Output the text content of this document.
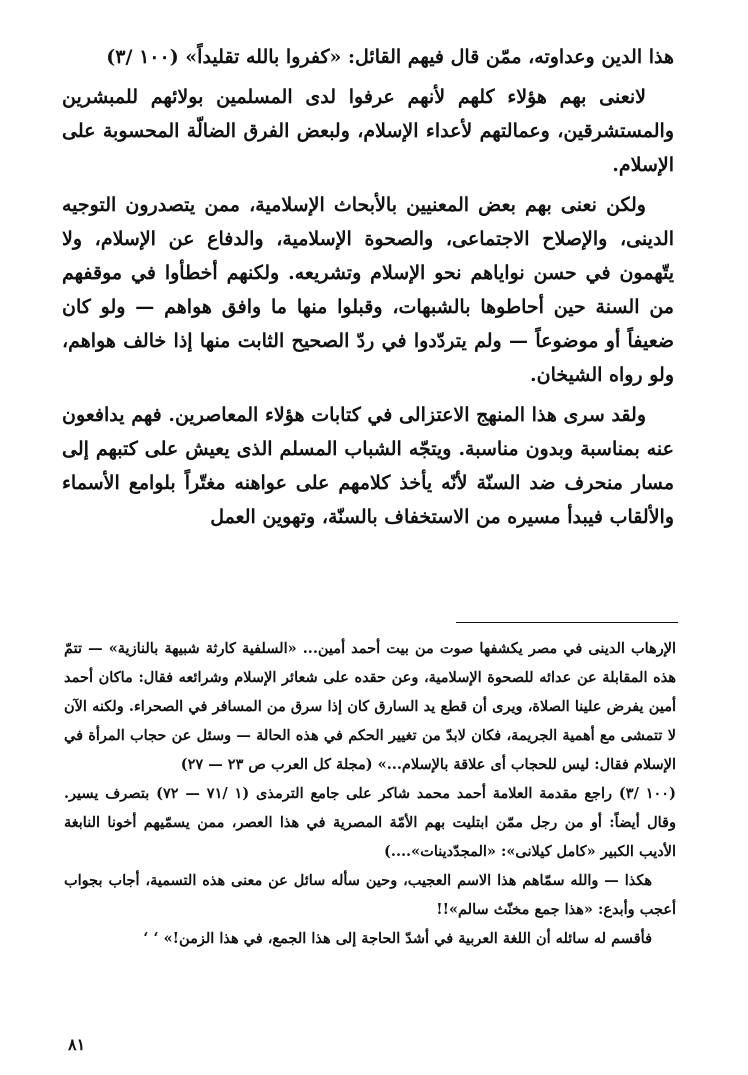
هذا الدين وعداوته، ممّن قال فيهم القائل: «كفروا بالله تقليداً» (١٠٠ /٣)

لانعنى بهم هؤلاء كلهم لأنهم عرفوا لدى المسلمين بولائهم للمبشرين والمستشرقين، وعمالتهم لأعداء الإسلام، ولبعض الفرق الضالّة المحسوبة على الإسلام.

ولكن نعنى بهم بعض المعنيين بالأبحاث الإسلامية، ممن يتصدرون التوجيه الدينى، والإصلاح الاجتماعى، والصحوة الإسلامية، والدفاع عن الإسلام، ولا يتّهمون في حسن نواياهم نحو الإسلام وتشريعه. ولكنهم أخطأوا في موقفهم من السنة حين أحاطوها بالشبهات، وقبلوا منها ما وافق هواهم — ولو كان ضعيفاً أو موضوعاً — ولم يتردّدوا في ردّ الصحيح الثابت منها إذا خالف هواهم، ولو رواه الشيخان.

ولقد سرى هذا المنهج الاعتزالى في كتابات هؤلاء المعاصرين. فهم يدافعون عنه بمناسبة وبدون مناسبة. ويتجّه الشباب المسلم الذى يعيش على كتبهم إلى مسار منحرف ضد السنّة لأنّه يأخذ كلامهم على عواهنه مغتّراً بلوامع الأسماء والألقاب فيبدأ مسيره من الاستخفاف بالسنّة، وتهوين العمل

الإرهاب الدينى في مصر يكشفها صوت من بيت أحمد أمين... «السلفية كارثة شبيهة بالنازية» — تتمّ هذه المقابلة عن عدائه للصحوة الإسلامية، وعن حقده على شعائر الإسلام وشرائعه فقال: ماكان أحمد أمين يفرض علينا الصلاة، ويرى أن قطع يد السارق كان إذا سرق من المسافر في الصحراء. ولكنه الآن لا تتمشى مع أهمية الجريمة، فكان لابدّ من تغيير الحكم في هذه الحالة — وسئل عن حجاب المرأة في الإسلام فقال: ليس للحجاب أى علاقة بالإسلام...» (مجلة كل العرب ص ٢٣ — ٢٧)

(١٠٠ /٣) راجع مقدمة العلامة أحمد محمد شاكر على جامع الترمذى (١ /٧١ — ٧٢) بتصرف يسير. وقال أيضاً: أو من رجل ممّن ابتليت بهم الأمّة المصرية في هذا العصر، ممن يسمّيهم أخونا النابغة الأديب الكبير «كامل كيلانى»: «المجدّدينات»....)

هكذا — والله سمّاهم هذا الاسم العجيب، وحين سأله سائل عن معنى هذه التسمية، أجاب بجواب أعجب وأبدع: «هذا جمع مخنّث سالم»!!

فأقسم له سائله أن اللغة العربية في أشدّ الحاجة إلى هذا الجمع، في هذا الزمن!» ‘ ‘

٨١
